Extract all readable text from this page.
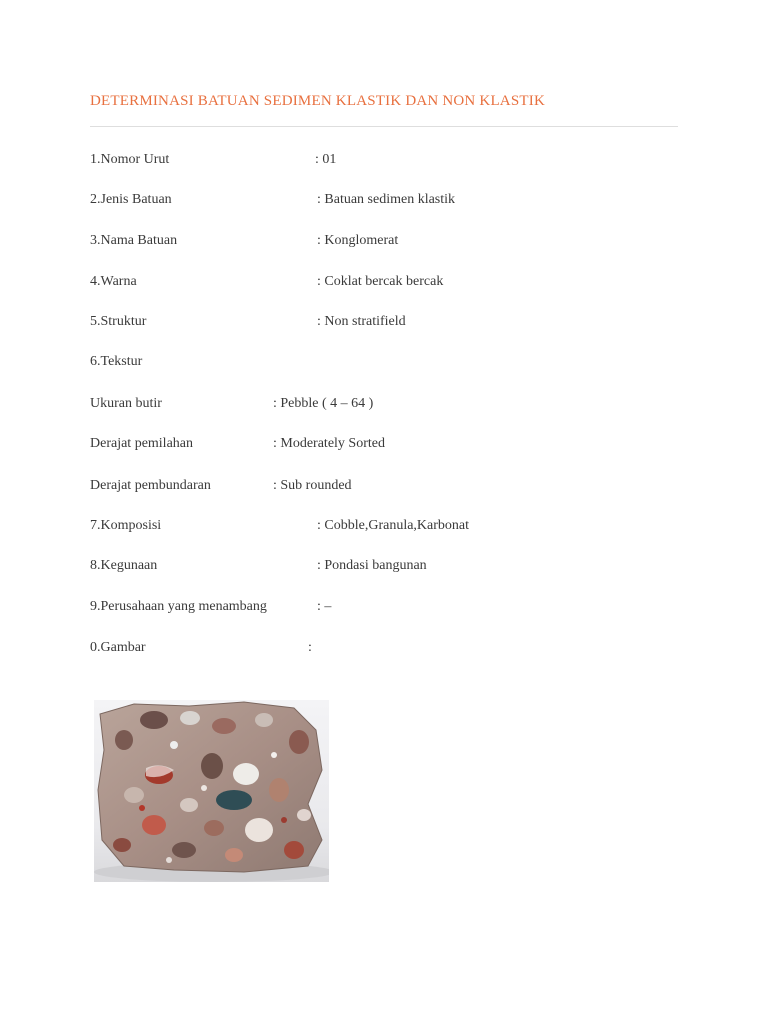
DETERMINASI BATUAN SEDIMEN KLASTIK DAN NON KLASTIK
1.Nomor Urut	: 01
2.Jenis Batuan	: Batuan sedimen klastik
3.Nama Batuan	: Konglomerat
4.Warna	: Coklat bercak bercak
5.Struktur	: Non stratifield
6.Tekstur
Ukuran butir	: Pebble ( 4 – 64 )
Derajat pemilahan	: Moderately Sorted
Derajat pembundaran	: Sub rounded
7.Komposisi	: Cobble,Granula,Karbonat
8.Kegunaan	: Pondasi bangunan
9.Perusahaan yang menambang	: –
0.Gambar	:
